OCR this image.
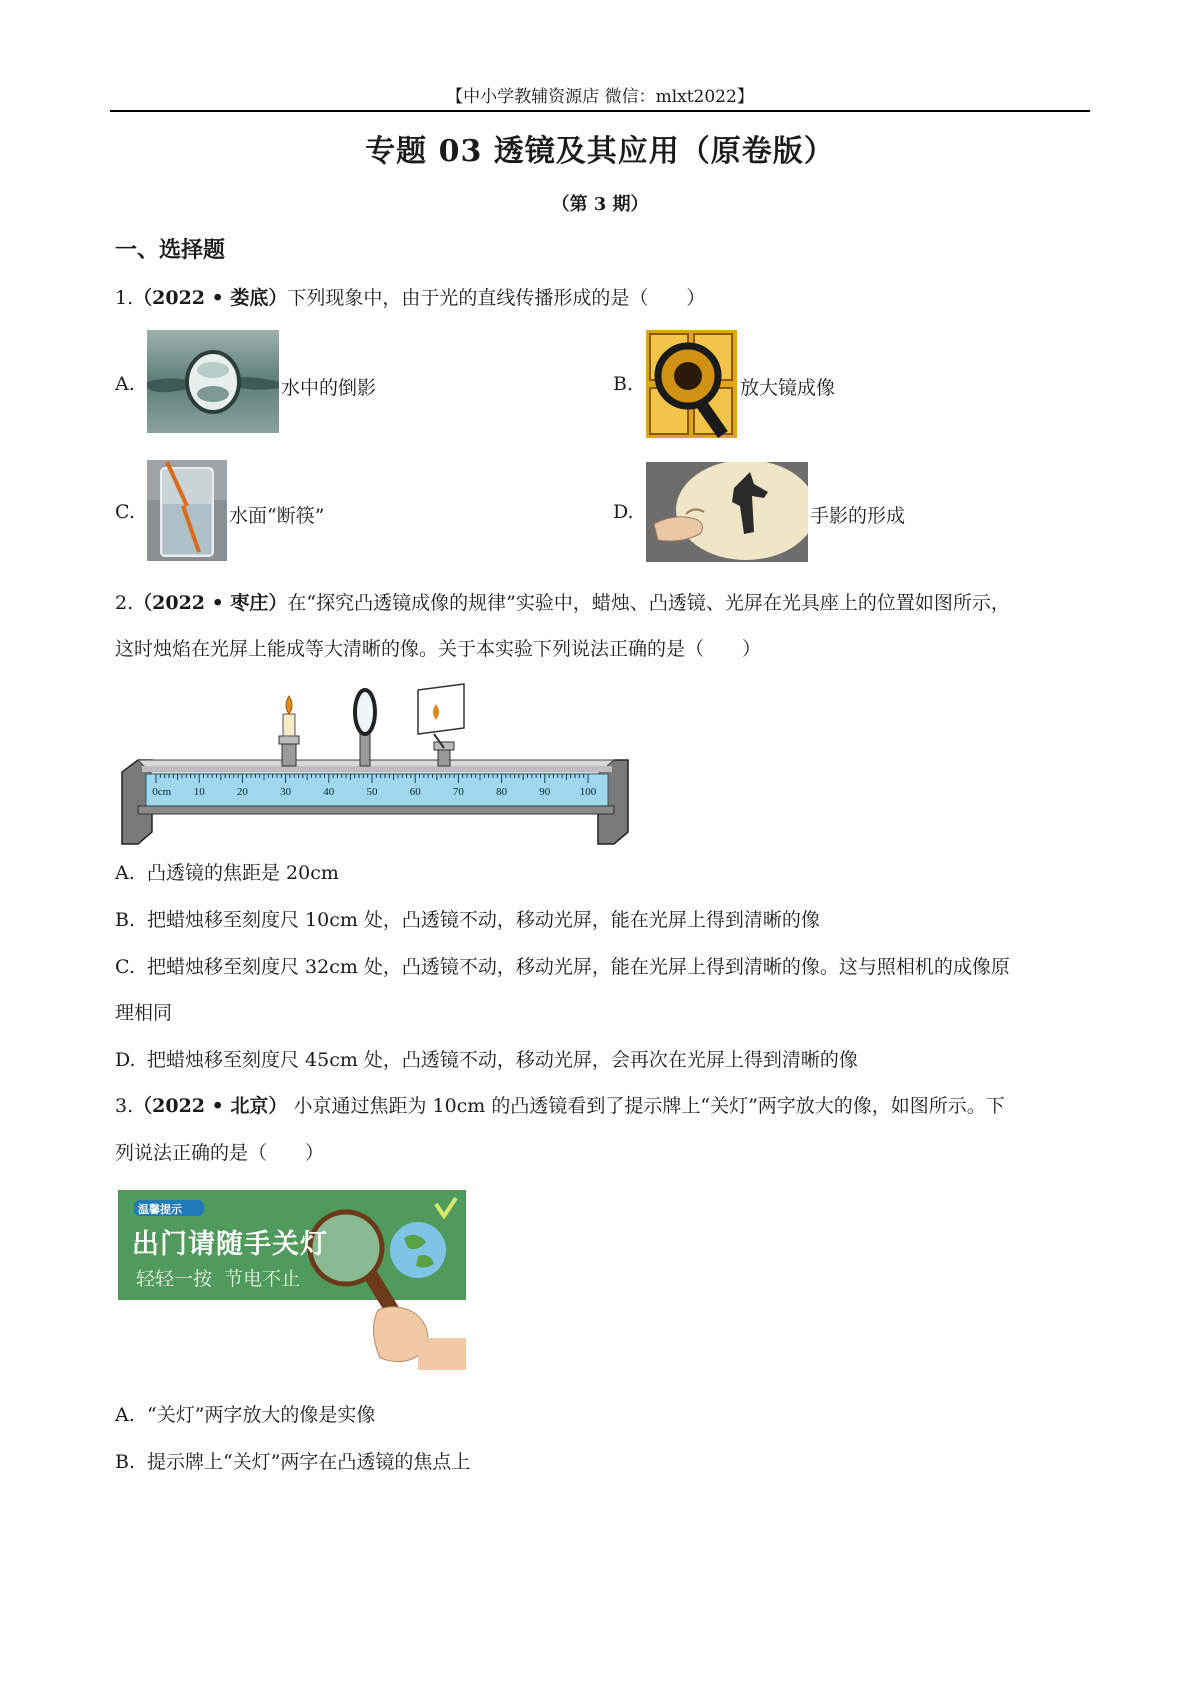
【中小学教辅资源店 微信：mlxt2022】
专题 03 透镜及其应用（原卷版）
（第 3 期）
一、选择题
1.（2022 • 娄底）下列现象中，由于光的直线传播形成的是（　　）
A.	水中的倒影	B.	放大镜成像
C.	水面“断筷”	D.	手影的形成
2.（2022 • 枣庄）在“探究凸透镜成像的规律”实验中，蜡烛、凸透镜、光屏在光具座上的位置如图所示，
这时烛焰在光屏上能成等大清晰的像。关于本实验下列说法正确的是（　　）
0cm 10	20	30	40	50	60	70	80	90	100
A. 凸透镜的焦距是 20cm
B. 把蜡烛移至刻度尺 10cm 处，凸透镜不动，移动光屏，能在光屏上得到清晰的像
C. 把蜡烛移至刻度尺 32cm 处，凸透镜不动，移动光屏，能在光屏上得到清晰的像。这与照相机的成像原
理相同
D. 把蜡烛移至刻度尺 45cm 处，凸透镜不动，移动光屏，会再次在光屏上得到清晰的像
3.（2022 • 北京） 小京通过焦距为 10cm 的凸透镜看到了提示牌上“关灯”两字放大的像，如图所示。下
列说法正确的是（　　）
温馨提示
出门请随手关灯
轻轻一按  节电不止
A. “关灯”两字放大的像是实像
B. 提示牌上“关灯”两字在凸透镜的焦点上
